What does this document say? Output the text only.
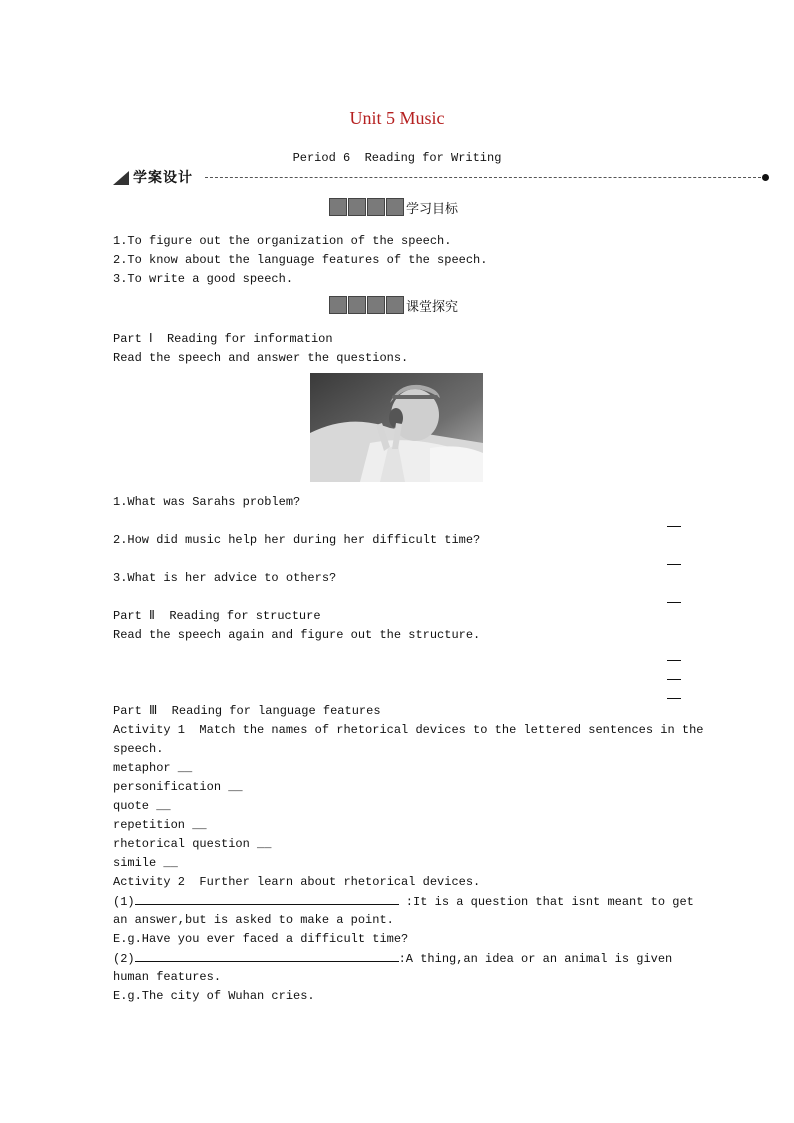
Unit 5 Music
Period 6  Reading for Writing
学案设计
学习目标
1.To figure out the organization of the speech.
2.To know about the language features of the speech.
3.To write a good speech.
课堂探究
Part Ⅰ  Reading for information
Read the speech and answer the questions.
1.What was Sarahs problem?
2.How did music help her during her difficult time?
3.What is her advice to others?
Part Ⅱ  Reading for structure
Read the speech again and figure out the structure.
Part Ⅲ  Reading for language features
Activity 1  Match the names of rhetorical devices to the lettered sentences in the
speech.
metaphor __
personification __
quote __
repetition __
rhetorical question __
simile __
Activity 2  Further learn about rhetorical devices.
(1)	:It is a question that isnt meant to get
an answer,but is asked to make a point.
E.g.Have you ever faced a difficult time?
(2)	:A thing,an idea or an animal is given
human features.
E.g.The city of Wuhan cries.
